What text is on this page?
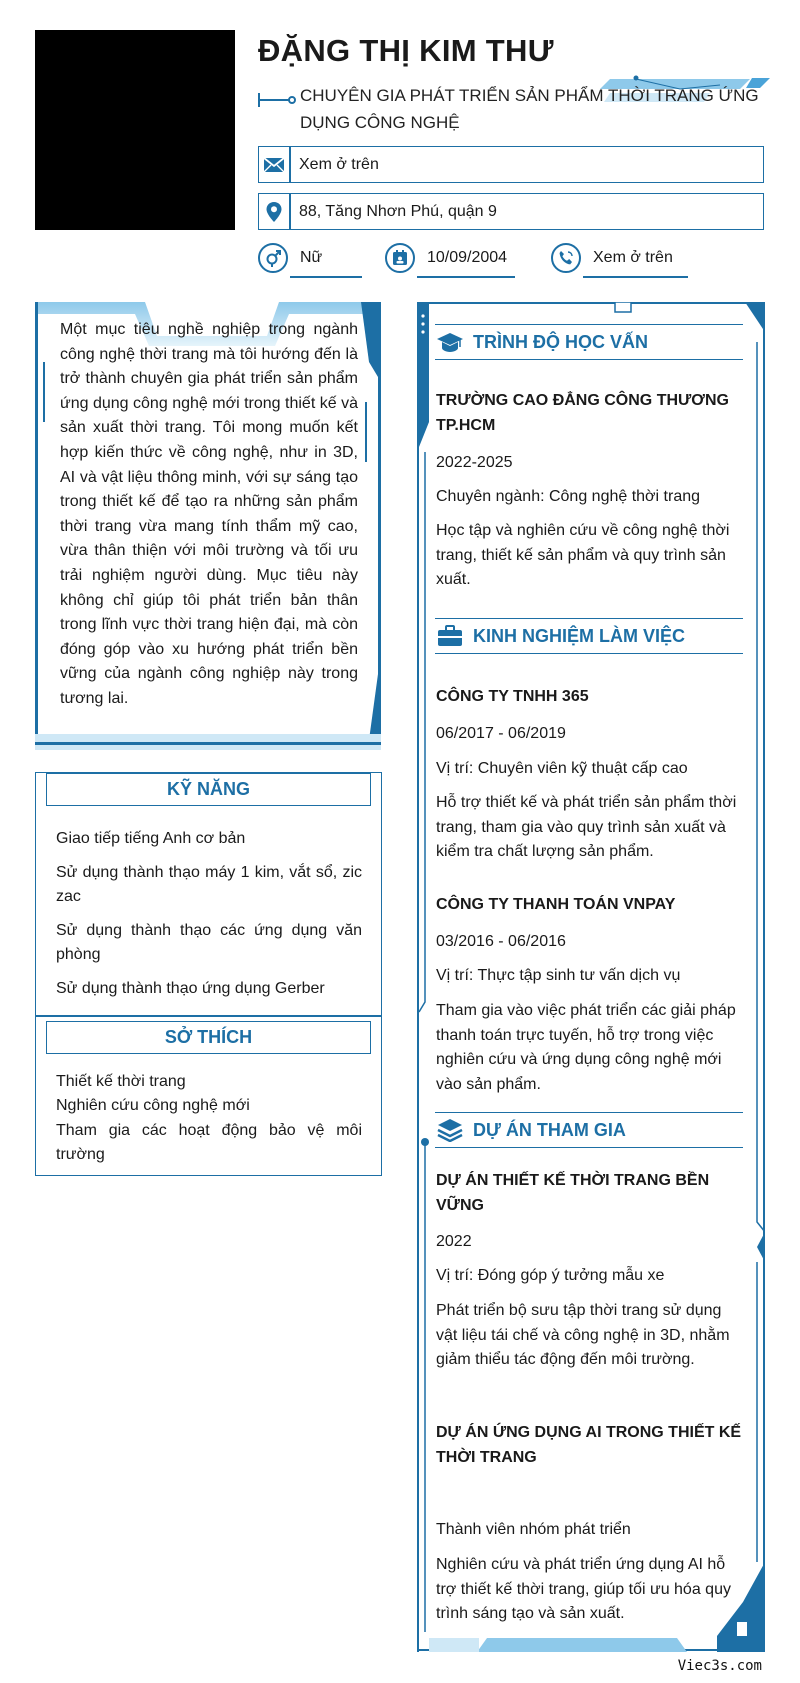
ĐẶNG THỊ KIM THƯ
CHUYÊN GIA PHÁT TRIỂN SẢN PHẨM THỜI TRANG ỨNG DỤNG CÔNG NGHỆ
Xem ở trên
88, Tăng Nhơn Phú, quận 9
Nữ	10/09/2004	Xem ở trên
Một mục tiêu nghề nghiệp trong ngành công nghệ thời trang mà tôi hướng đến là trở thành chuyên gia phát triển sản phẩm ứng dụng công nghệ mới trong thiết kế và sản xuất thời trang. Tôi mong muốn kết hợp kiến thức về công nghệ, như in 3D, AI và vật liệu thông minh, với sự sáng tạo trong thiết kế để tạo ra những sản phẩm thời trang vừa mang tính thẩm mỹ cao, vừa thân thiện với môi trường và tối ưu trải nghiệm người dùng. Mục tiêu này không chỉ giúp tôi phát triển bản thân trong lĩnh vực thời trang hiện đại, mà còn đóng góp vào xu hướng phát triển bền vững của ngành công nghiệp này trong tương lai.
KỸ NĂNG
Giao tiếp tiếng Anh cơ bản
Sử dụng thành thạo máy 1 kim, vắt sổ, zic zac
Sử dụng thành thạo các ứng dụng văn phòng
Sử dụng thành thạo ứng dụng Gerber
SỞ THÍCH
Thiết kế thời trang
Nghiên cứu công nghệ mới
Tham gia các hoạt động bảo vệ môi trường
TRÌNH ĐỘ HỌC VẤN
TRƯỜNG CAO ĐẲNG CÔNG THƯƠNG TP.HCM
2022-2025
Chuyên ngành: Công nghệ thời trang
Học tập và nghiên cứu về công nghệ thời trang, thiết kế sản phẩm và quy trình sản xuất.
KINH NGHIỆM LÀM VIỆC
CÔNG TY TNHH 365
06/2017 - 06/2019
Vị trí: Chuyên viên kỹ thuật cấp cao
Hỗ trợ thiết kế và phát triển sản phẩm thời trang, tham gia vào quy trình sản xuất và kiểm tra chất lượng sản phẩm.
CÔNG TY THANH TOÁN VNPAY
03/2016 - 06/2016
Vị trí: Thực tập sinh tư vấn dịch vụ
Tham gia vào việc phát triển các giải pháp thanh toán trực tuyến, hỗ trợ trong việc nghiên cứu và ứng dụng công nghệ mới vào sản phẩm.
DỰ ÁN THAM GIA
DỰ ÁN THIẾT KẾ THỜI TRANG BỀN VỮNG
2022
Vị trí: Đóng góp ý tưởng mẫu xe
Phát triển bộ sưu tập thời trang sử dụng vật liệu tái chế và công nghệ in 3D, nhằm giảm thiểu tác động đến môi trường.
DỰ ÁN ỨNG DỤNG AI TRONG THIẾT KẾ THỜI TRANG
Thành viên nhóm phát triển
Nghiên cứu và phát triển ứng dụng AI hỗ trợ thiết kế thời trang, giúp tối ưu hóa quy trình sáng tạo và sản xuất.
Viec3s.com
